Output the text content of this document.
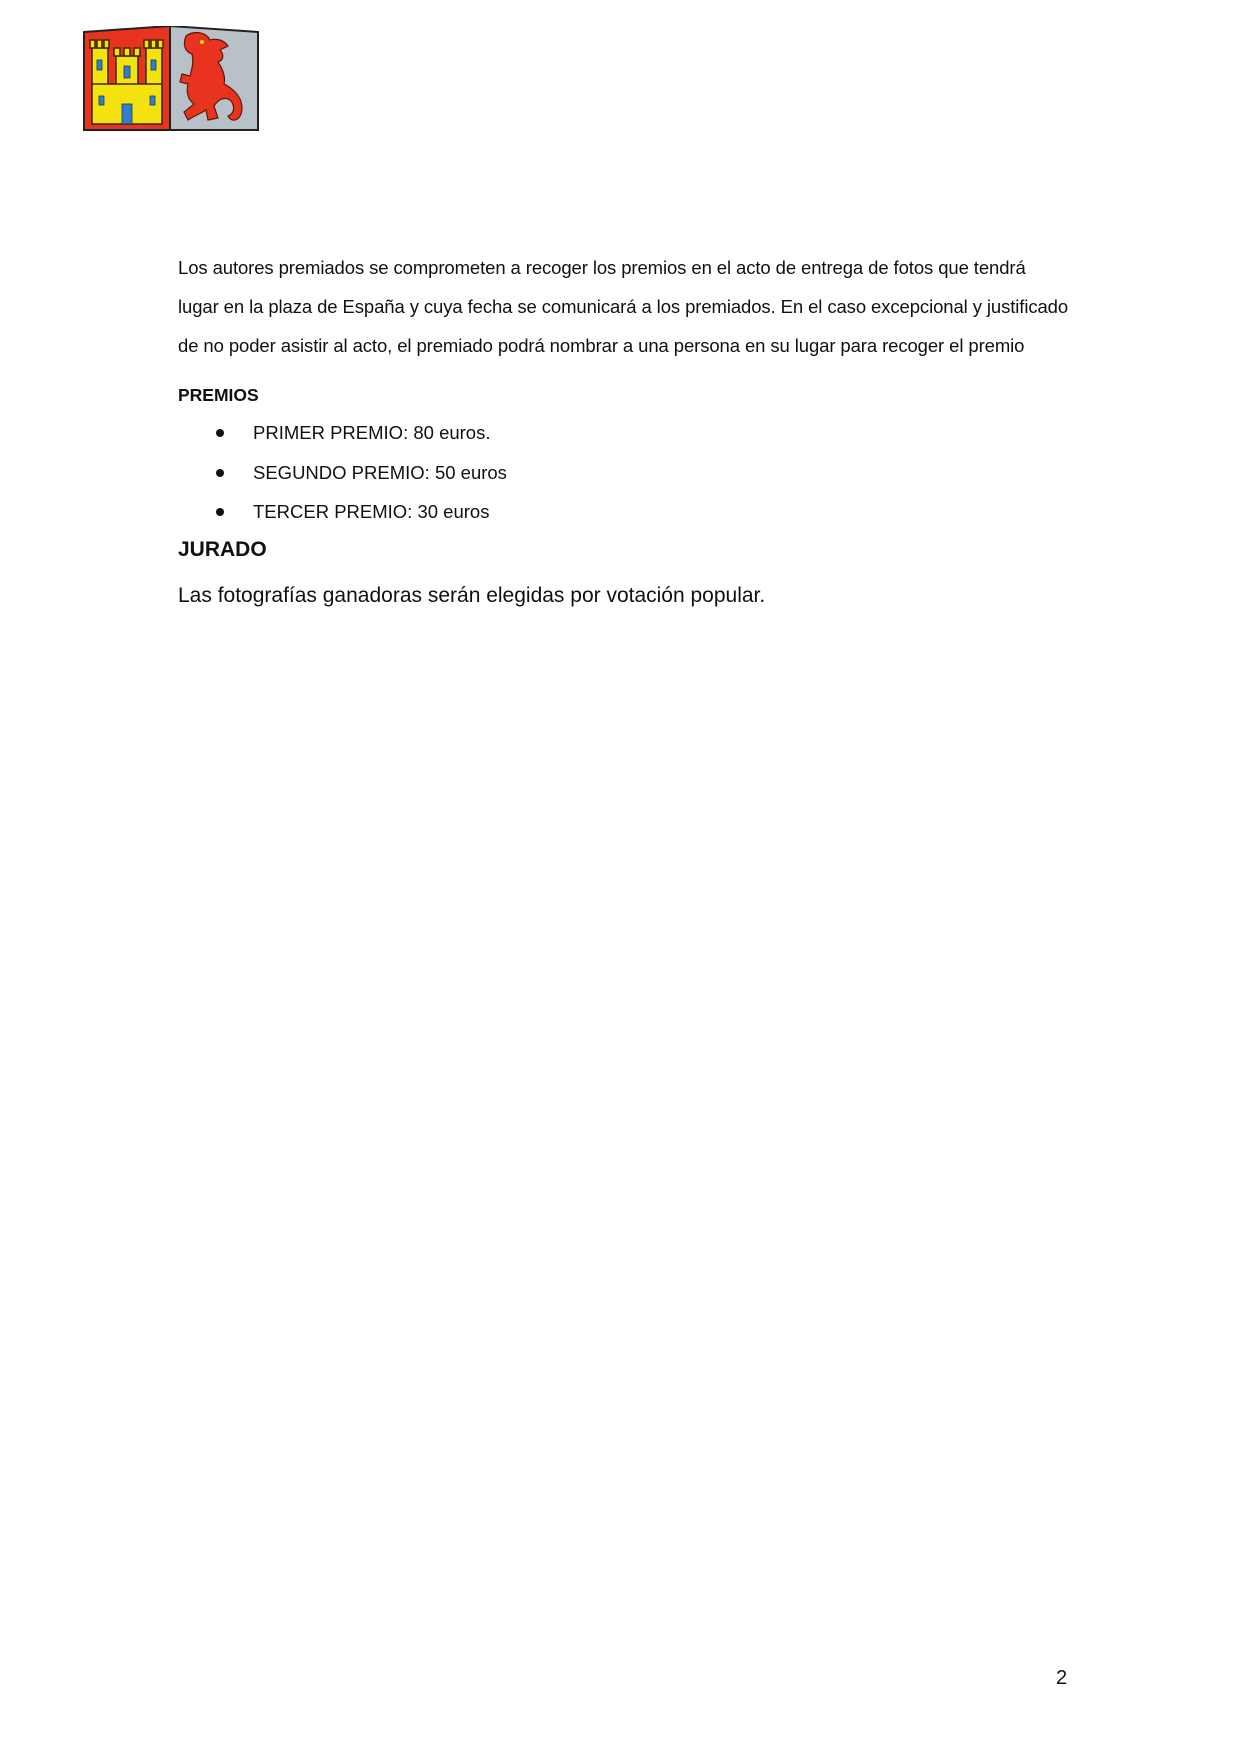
Los autores premiados se comprometen a recoger los premios en el acto de entrega de fotos que tendrá
lugar en la plaza de España y cuya fecha se comunicará a los premiados. En el caso excepcional y justificado
de no poder asistir al acto, el premiado podrá nombrar a una persona en su lugar para recoger el premio

PREMIOS
PRIMER PREMIO: 80 euros.
SEGUNDO PREMIO: 50 euros
TERCER PREMIO: 30 euros
JURADO

Las fotografías ganadoras serán elegidas por votación popular.

2
